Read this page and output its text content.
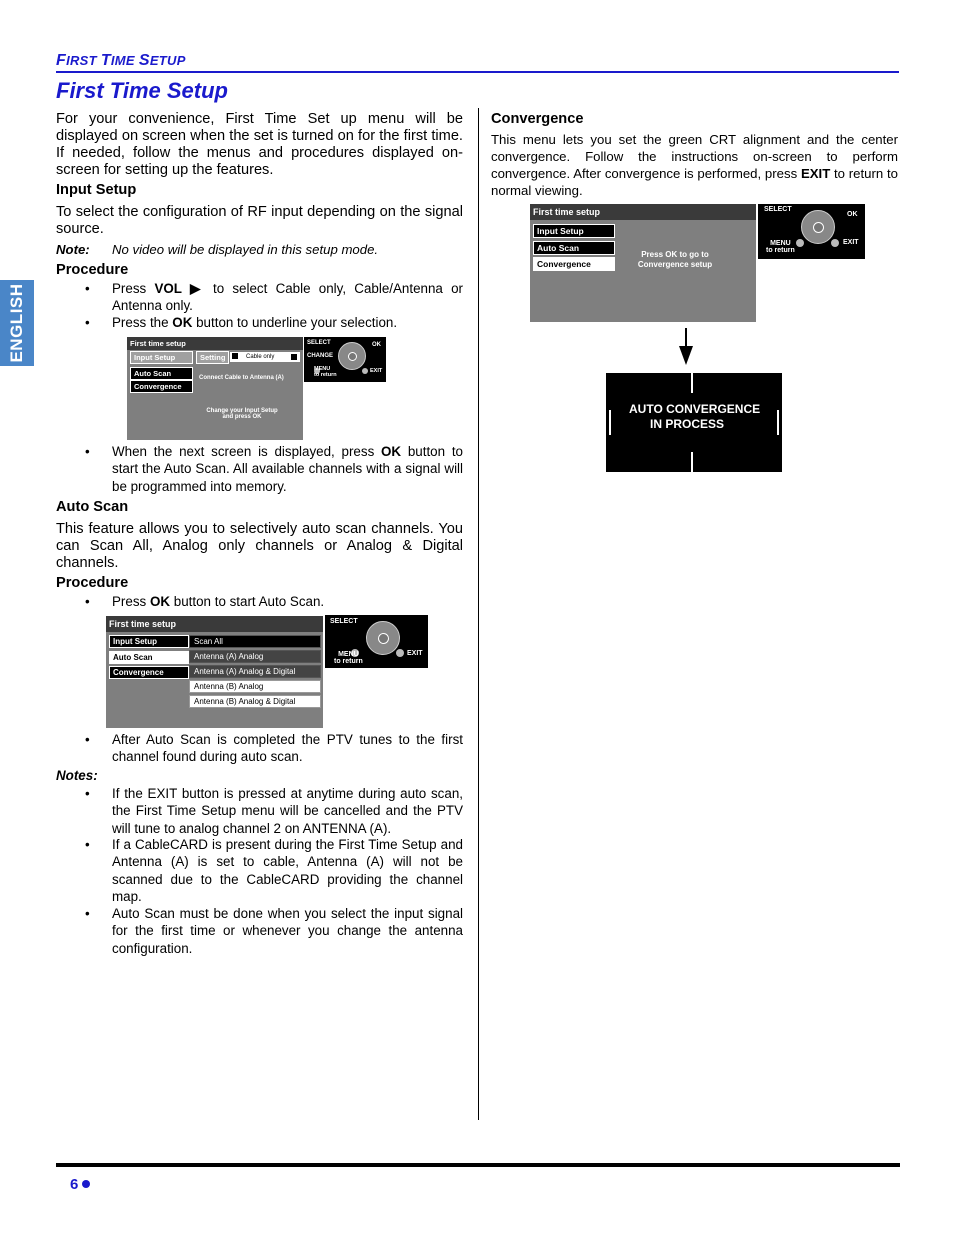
FIRST TIME SETUP
First Time Setup
ENGLISH

For your convenience, First Time Set up menu will be displayed on screen when the set is turned on for the first time. If needed, follow the menus and procedures displayed on-screen for setting up the features.

Input Setup

To select the configuration of RF input depending on the signal source.

Note: No video will be displayed in this setup mode.
Procedure
• Press VOL ▶ to select Cable only, Cable/Antenna or Antenna only.
• Press the OK button to underline your selection.
First time setup
Input Setup
Auto Scan
Convergence
Setting	Cable only
Connect Cable to Antenna (A)
Change your Input Setup
and press OK
SELECT
CHANGE
OK
MENU
to return
EXIT
• When the next screen is displayed, press OK button to start the Auto Scan. All available channels with a signal will be programmed into memory.
Auto Scan

This feature allows you to selectively auto scan channels. You can Scan All, Analog only channels or Analog & Digital channels.

Procedure
• Press OK button to start Auto Scan.
First time setup
Input Setup
Auto Scan
Convergence
Scan All
Antenna (A) Analog
Antenna (A) Analog & Digital
Antenna (B) Analog
Antenna (B) Analog & Digital
SELECT
MENU
to return
EXIT
• After Auto Scan is completed the PTV tunes to the first channel found during auto scan.
Notes:
• If the EXIT button is pressed at anytime during auto scan, the First Time Setup menu will be cancelled and the PTV will tune to analog channel 2 on ANTENNA (A).
• If a CableCARD is present during the First Time Setup and Antenna (A) is set to cable, Antenna (A) will not be scanned due to the CableCARD providing the channel map.
• Auto Scan must be done when you select the input signal for the first time or whenever you change the antenna configuration.
Convergence

This menu lets you set the green CRT alignment and the center convergence. Follow the instructions on-screen to perform convergence. After convergence is performed, press EXIT to return to normal viewing.

First time setup
Input Setup
Auto Scan
Convergence
Press OK to go to
Convergence setup
SELECT
OK
MENU
to return
EXIT
AUTO CONVERGENCE
IN PROCESS
6
